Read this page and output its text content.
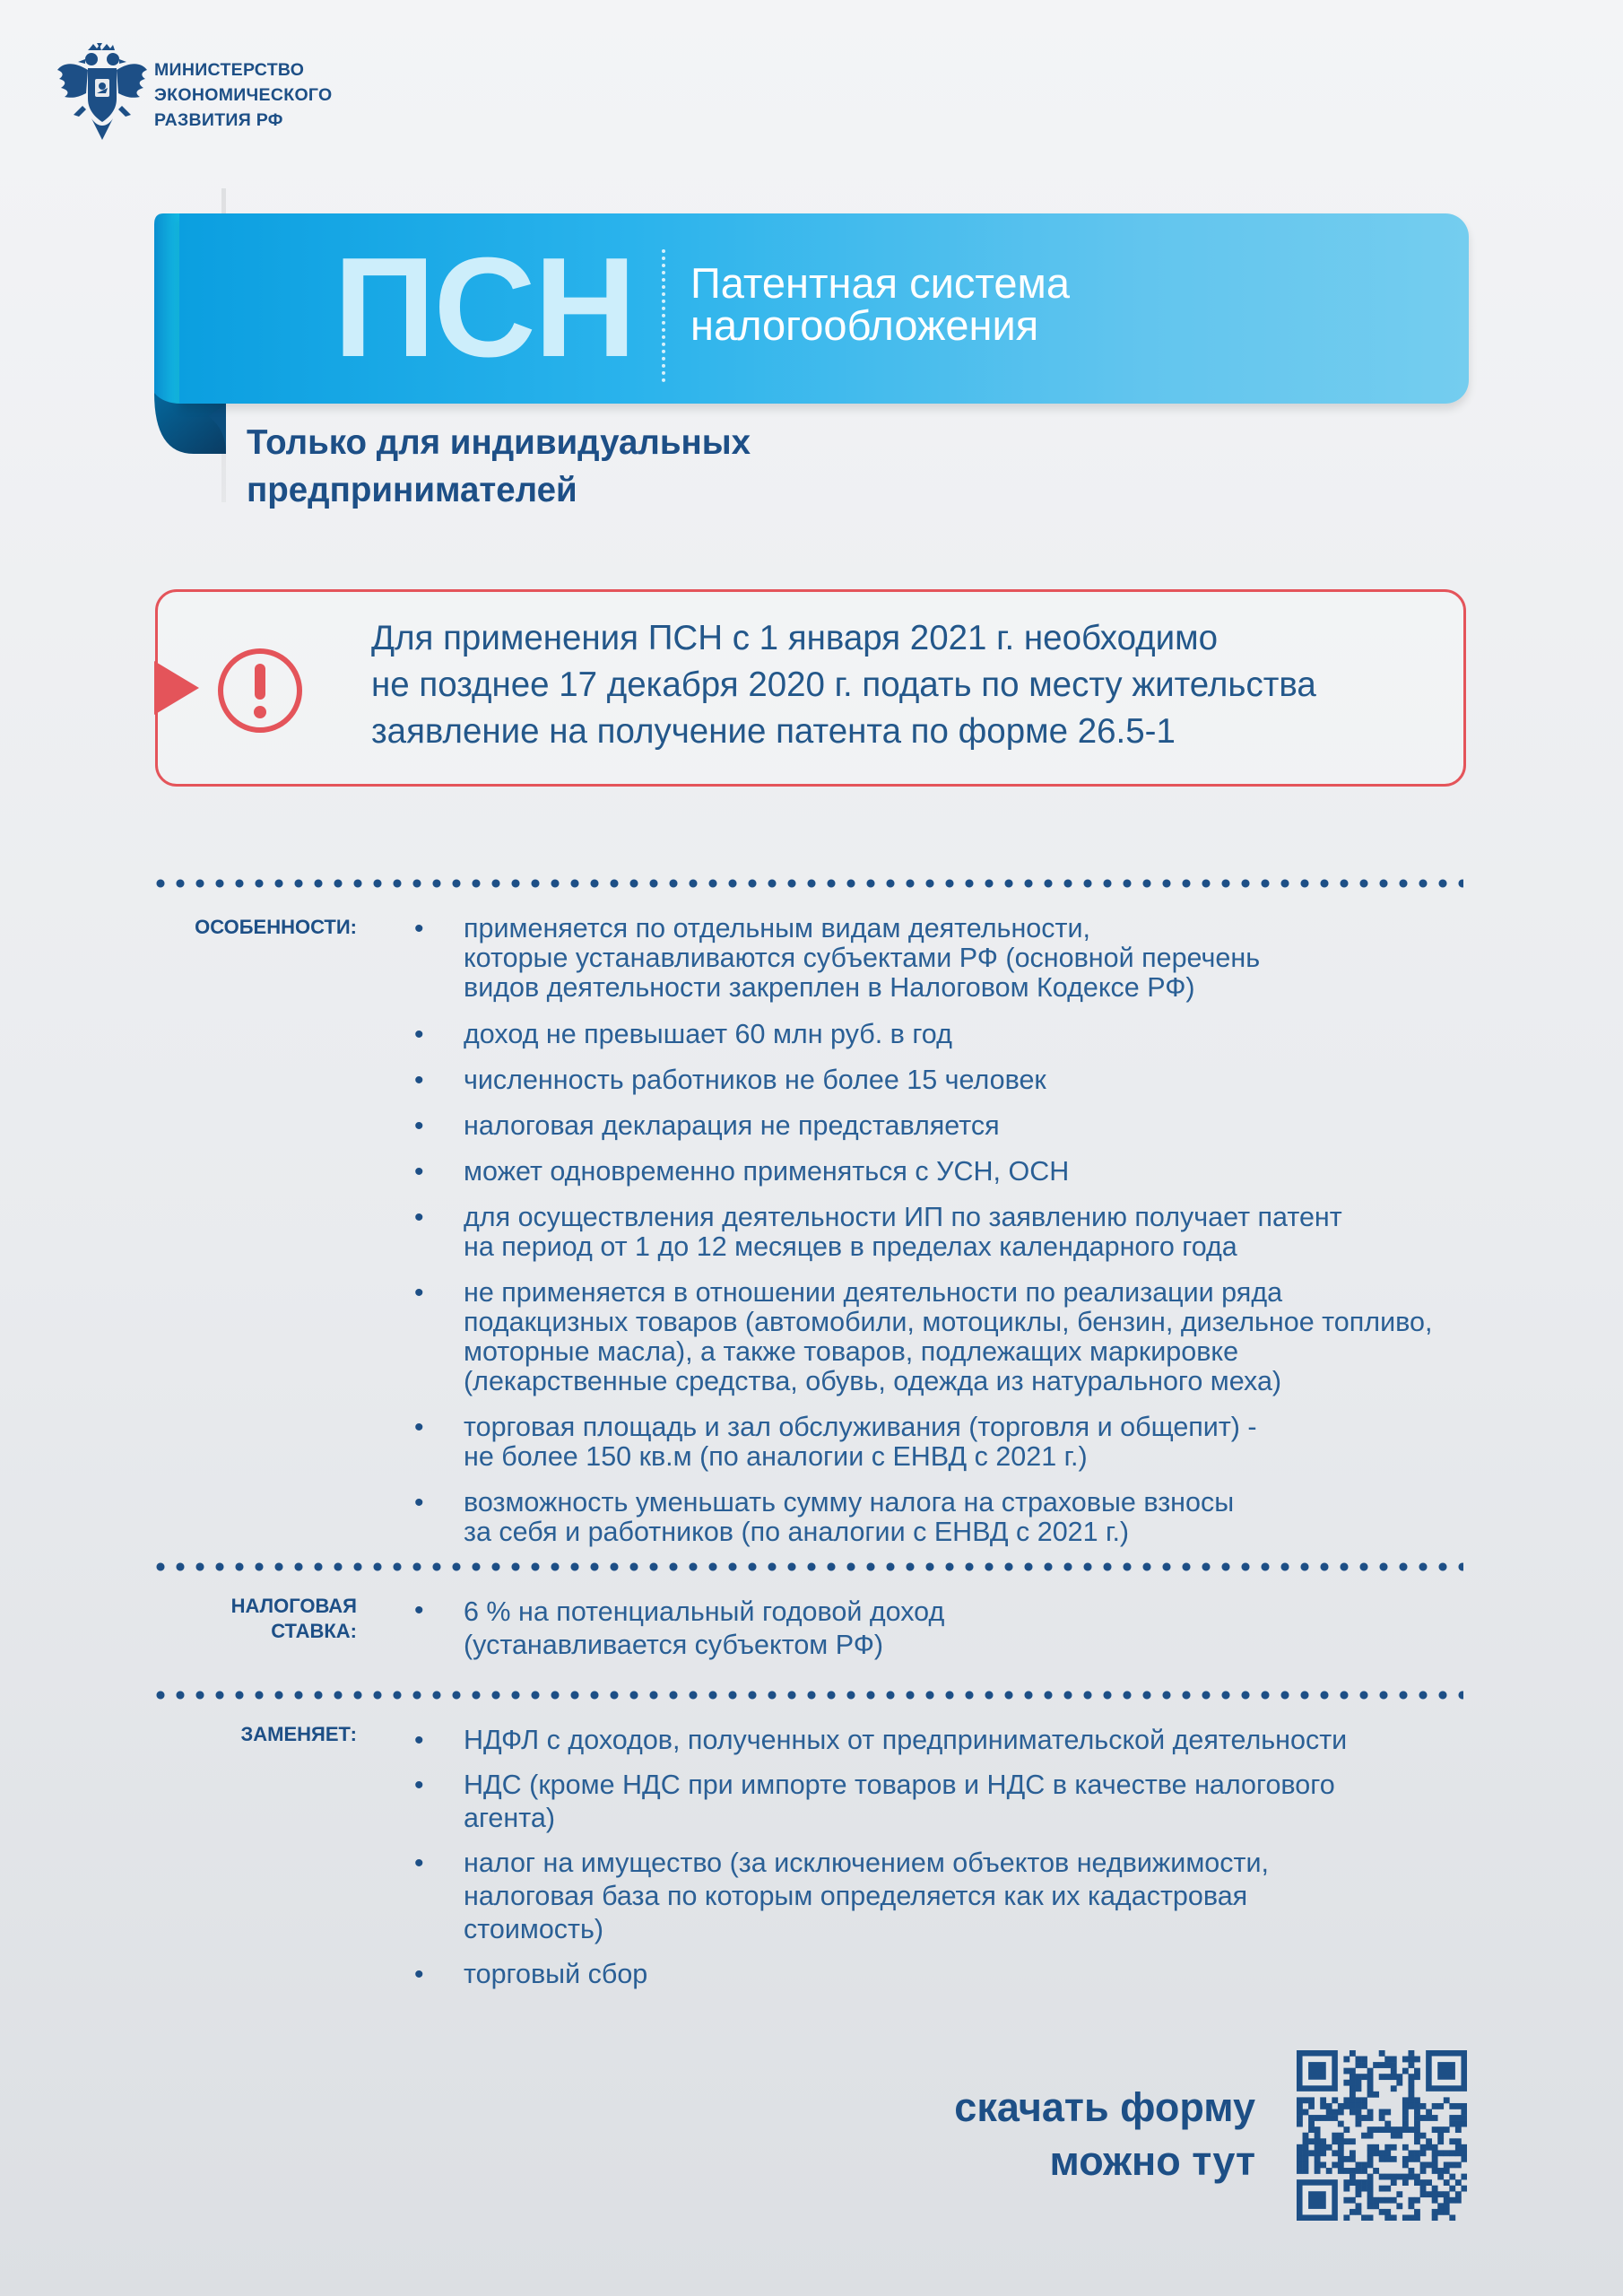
МИНИСТЕРСТВО
ЭКОНОМИЧЕСКОГО
РАЗВИТИЯ РФ
ПСН Патентная система
налогообложения
Только для индивидуальных
предпринимателей
Для применения ПСН с 1 января 2021 г. необходимо
не позднее 17 декабря 2020 г. подать по месту жительства
заявление на получение патента по форме 26.5-1
ОСОБЕННОСТИ: •	применяется по отдельным видам деятельности,
которые устанавливаются субъектами РФ (основной перечень
видов деятельности закреплен в Налоговом Кодексе РФ)
•	доход не превышает 60 млн руб. в год
•	численность работников не более 15 человек
•	налоговая декларация не представляется
•	может одновременно применяться с УСН, ОСН
•	для осуществления деятельности ИП по заявлению получает патент
на период от 1 до 12 месяцев в пределах календарного года
•	не применяется в отношении деятельности по реализации ряда
подакцизных товаров (автомобили, мотоциклы, бензин, дизельное топливо,
моторные масла), а также товаров, подлежащих маркировке
(лекарственные средства, обувь, одежда из натурального меха)
•	торговая площадь и зал обслуживания (торговля и общепит) -
не более 150 кв.м (по аналогии с ЕНВД с 2021 г.)
•	возможность уменьшать сумму налога на страховые взносы
за себя и работников (по аналогии с ЕНВД с 2021 г.)
НАЛОГОВАЯ
СТАВКА:
•	6 % на потенциальный годовой доход
(устанавливается субъектом РФ)
ЗАМЕНЯЕТ: •	НДФЛ с доходов, полученных от предпринимательской деятельности
•	НДС (кроме НДС при импорте товаров и НДС в качестве налогового
агента)
•	налог на имущество (за исключением объектов недвижимости,
налоговая база по которым определяется как их кадастровая
стоимость)
•	торговый сбор
скачать форму
можно тут
